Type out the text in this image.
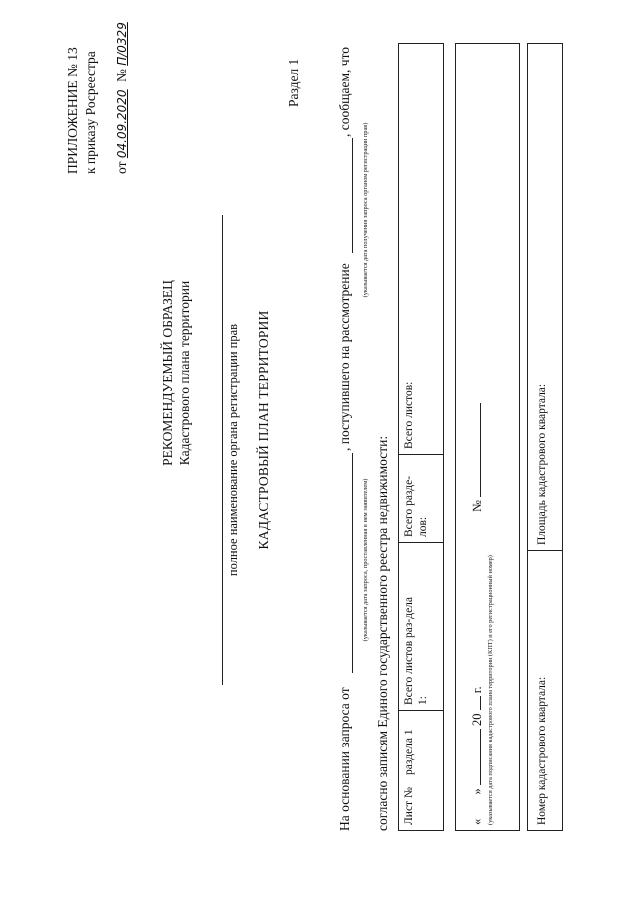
ПРИЛОЖЕНИЕ № 13 к приказу Росреестра от 04.09.2020 № П/0329
РЕКОМЕНДУЕМЫЙ ОБРАЗЕЦ Кадастрового плана территории	полное наименование органа регистрации прав КАДАСТРОВЫЙ ПЛАН ТЕРРИТОРИИ
Раздел 1
На основании запроса от
, поступившего на рассмотрение
, сообщаем, что
(указывается дата запроса, проставленная в нем заявителем)
(указывается дата получения запроса органом регистрации прав)
согласно записям Единого государственного реестра недвижимости: Лист №
раздела 1
Всего листов раз-дела 1:
Всего разде-лов:
Всего листов:
«  »  20  г.
№
(указывается дата подписания кадастрового плана территории (КПТ) и его регистрационный номер)	Номер кадастрового квартала:
Площадь кадастрового квартала:
